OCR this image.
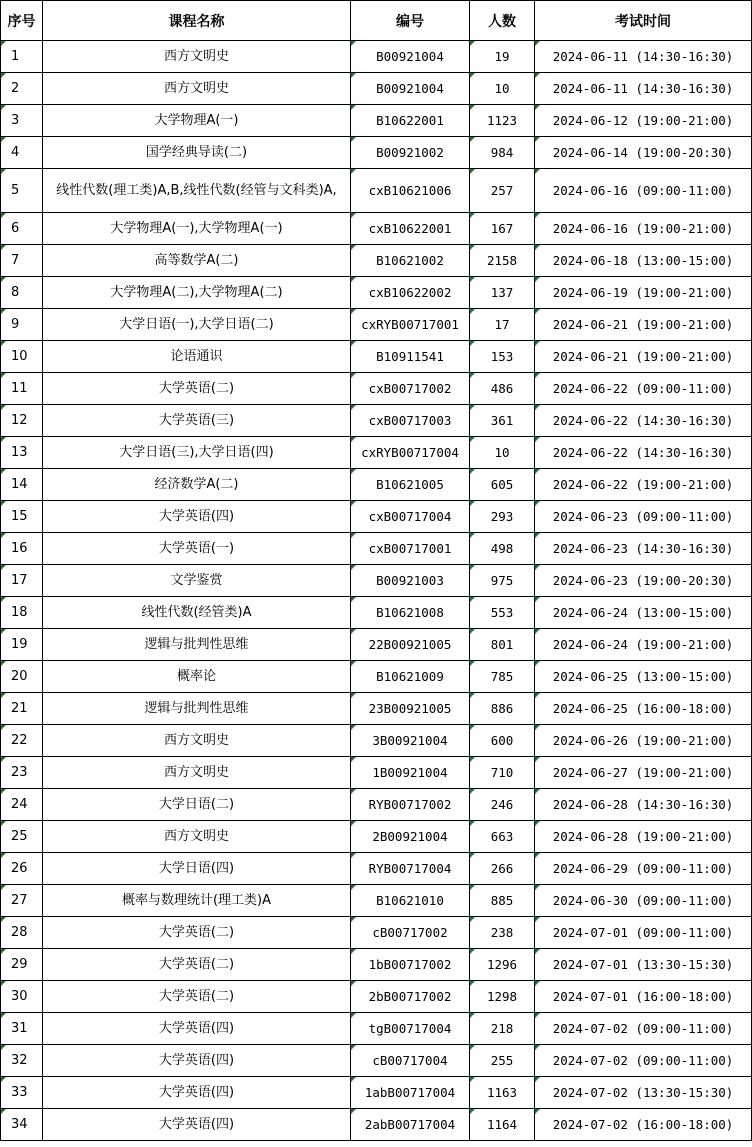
序号	课程名称	编号	人数	考试时间
1	西方文明史	B00921004	19	2024-06-11 (14:30-16:30)
2	西方文明史	B00921004	10	2024-06-11 (14:30-16:30)
3	大学物理A(一)	B10622001	1123	2024-06-12 (19:00-21:00)
4	国学经典导读(二)	B00921002	984	2024-06-14 (19:00-20:30)
5	线性代数(理工类)A,B,线性代数(经管与文科类)A,	cxB10621006	257	2024-06-16 (09:00-11:00)
6	大学物理A(一),大学物理A(一)	cxB10622001	167	2024-06-16 (19:00-21:00)
7	高等数学A(二)	B10621002	2158	2024-06-18 (13:00-15:00)
8	大学物理A(二),大学物理A(二)	cxB10622002	137	2024-06-19 (19:00-21:00)
9	大学日语(一),大学日语(二)	cxRYB00717001	17	2024-06-21 (19:00-21:00)
10	论语通识	B10911541	153	2024-06-21 (19:00-21:00)
11	大学英语(二)	cxB00717002	486	2024-06-22 (09:00-11:00)
12	大学英语(三)	cxB00717003	361	2024-06-22 (14:30-16:30)
13	大学日语(三),大学日语(四)	cxRYB00717004	10	2024-06-22 (14:30-16:30)
14	经济数学A(二)	B10621005	605	2024-06-22 (19:00-21:00)
15	大学英语(四)	cxB00717004	293	2024-06-23 (09:00-11:00)
16	大学英语(一)	cxB00717001	498	2024-06-23 (14:30-16:30)
17	文学鉴赏	B00921003	975	2024-06-23 (19:00-20:30)
18	线性代数(经管类)A	B10621008	553	2024-06-24 (13:00-15:00)
19	逻辑与批判性思维	22B00921005	801	2024-06-24 (19:00-21:00)
20	概率论	B10621009	785	2024-06-25 (13:00-15:00)
21	逻辑与批判性思维	23B00921005	886	2024-06-25 (16:00-18:00)
22	西方文明史	3B00921004	600	2024-06-26 (19:00-21:00)
23	西方文明史	1B00921004	710	2024-06-27 (19:00-21:00)
24	大学日语(二)	RYB00717002	246	2024-06-28 (14:30-16:30)
25	西方文明史	2B00921004	663	2024-06-28 (19:00-21:00)
26	大学日语(四)	RYB00717004	266	2024-06-29 (09:00-11:00)
27	概率与数理统计(理工类)A	B10621010	885	2024-06-30 (09:00-11:00)
28	大学英语(二)	cB00717002	238	2024-07-01 (09:00-11:00)
29	大学英语(二)	1bB00717002	1296	2024-07-01 (13:30-15:30)
30	大学英语(二)	2bB00717002	1298	2024-07-01 (16:00-18:00)
31	大学英语(四)	tgB00717004	218	2024-07-02 (09:00-11:00)
32	大学英语(四)	cB00717004	255	2024-07-02 (09:00-11:00)
33	大学英语(四)	1abB00717004	1163	2024-07-02 (13:30-15:30)
34	大学英语(四)	2abB00717004	1164	2024-07-02 (16:00-18:00)
